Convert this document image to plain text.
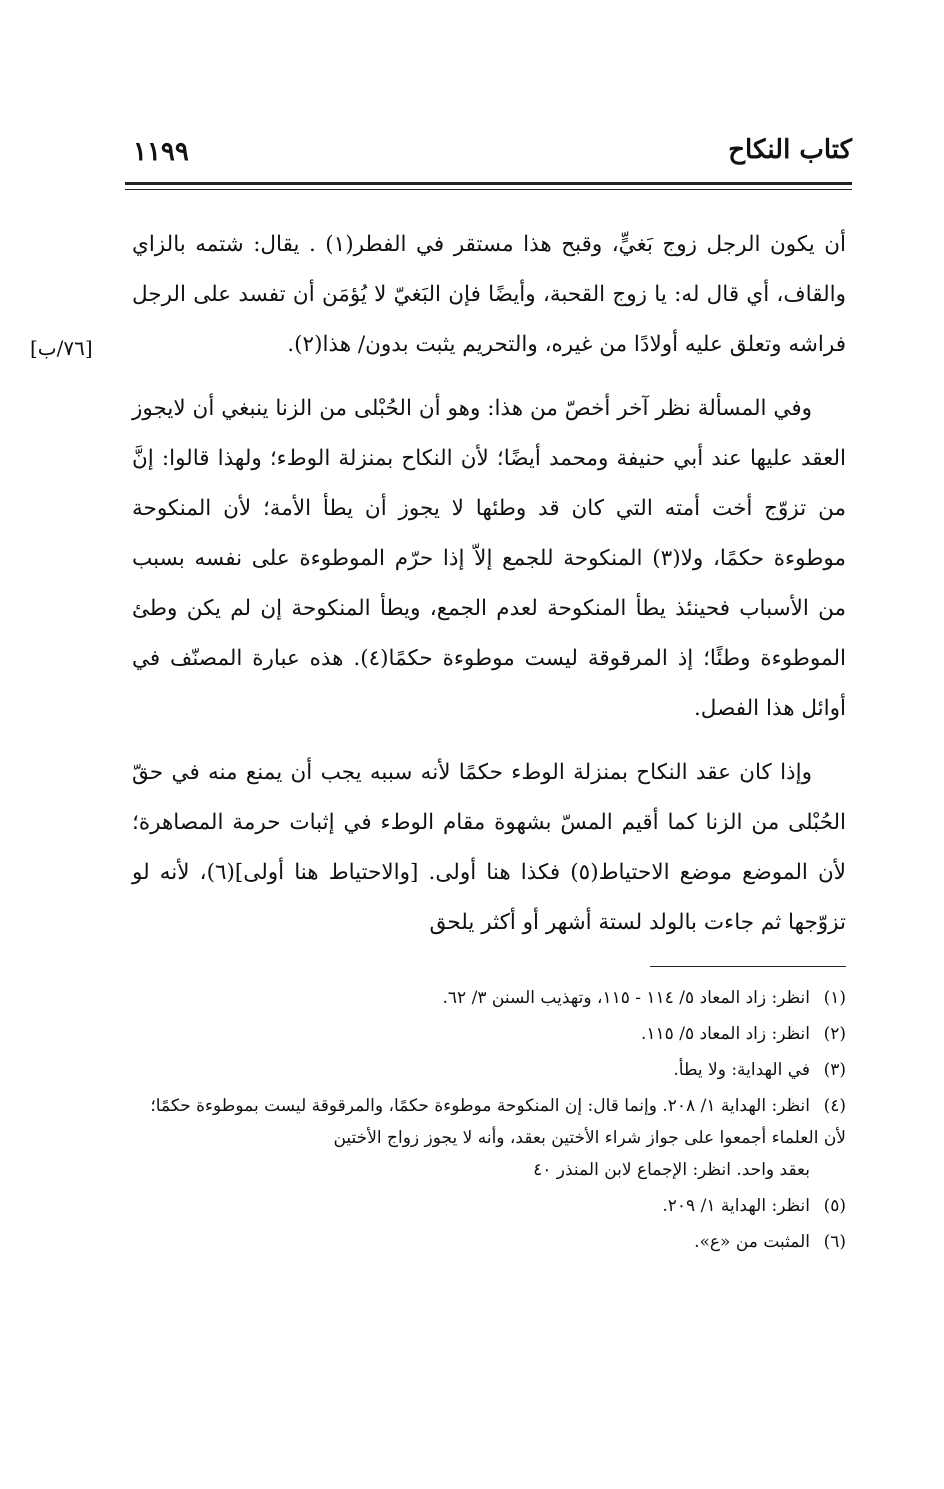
كتاب النكاح
١١٩٩
[٧٦/ب]

أن يكون الرجل زوج بَغيٍّ، وقبح هذا مستقر في الفطر(١) . يقال: شتمه بالزاي والقاف، أي قال له: يا زوج القحبة، وأيضًا فإن البَغيّ لا يُؤمَن أن تفسد على الرجل فراشه وتعلق عليه أولادًا من غيره، والتحريم يثبت بدون/ هذا(٢).

وفي المسألة نظر آخر أخصّ من هذا: وهو أن الحُبْلى من الزنا ينبغي أن لايجوز العقد عليها عند أبي حنيفة ومحمد أيضًا؛ لأن النكاح بمنزلة الوطء؛ ولهذا قالوا: إنَّ من تزوّج أخت أمته التي كان قد وطئها لا يجوز أن يطأ الأمة؛ لأن المنكوحة موطوءة حكمًا، ولا(٣) المنكوحة للجمع إلاّ إذا حرّم الموطوءة على نفسه بسبب من الأسباب فحينئذ يطأ المنكوحة لعدم الجمع، ويطأ المنكوحة إن لم يكن وطئ الموطوءة وطئًا؛ إذ المرقوقة ليست موطوءة حكمًا(٤). هذه عبارة المصنّف في أوائل هذا الفصل.

وإذا كان عقد النكاح بمنزلة الوطء حكمًا لأنه سببه يجب أن يمنع منه في حقّ الحُبْلى من الزنا كما أقيم المسّ بشهوة مقام الوطء في إثبات حرمة المصاهرة؛ لأن الموضع موضع الاحتياط(٥) فكذا هنا أولى. [والاحتياط هنا أولى](٦)، لأنه لو تزوّجها ثم جاءت بالولد لستة أشهر أو أكثر يلحق

(١)انظر: زاد المعاد ٥/ ١١٤ - ١١٥، وتهذيب السنن ٣/ ٦٢.
(٢)انظر: زاد المعاد ٥/ ١١٥.
(٣)في الهداية: ولا يطأ.
(٤)انظر: الهداية ١/ ٢٠٨. وإنما قال: إن المنكوحة موطوءة حكمًا، والمرقوقة ليست بموطوءة حكمًا؛ لأن العلماء أجمعوا على جواز شراء الأختين بعقد، وأنه لا يجوز زواج الأختين

بعقد واحد. انظر: الإجماع لابن المنذر ٤٠

(٥)انظر: الهداية ١/ ٢٠٩.
(٦)المثبت من «ع».
